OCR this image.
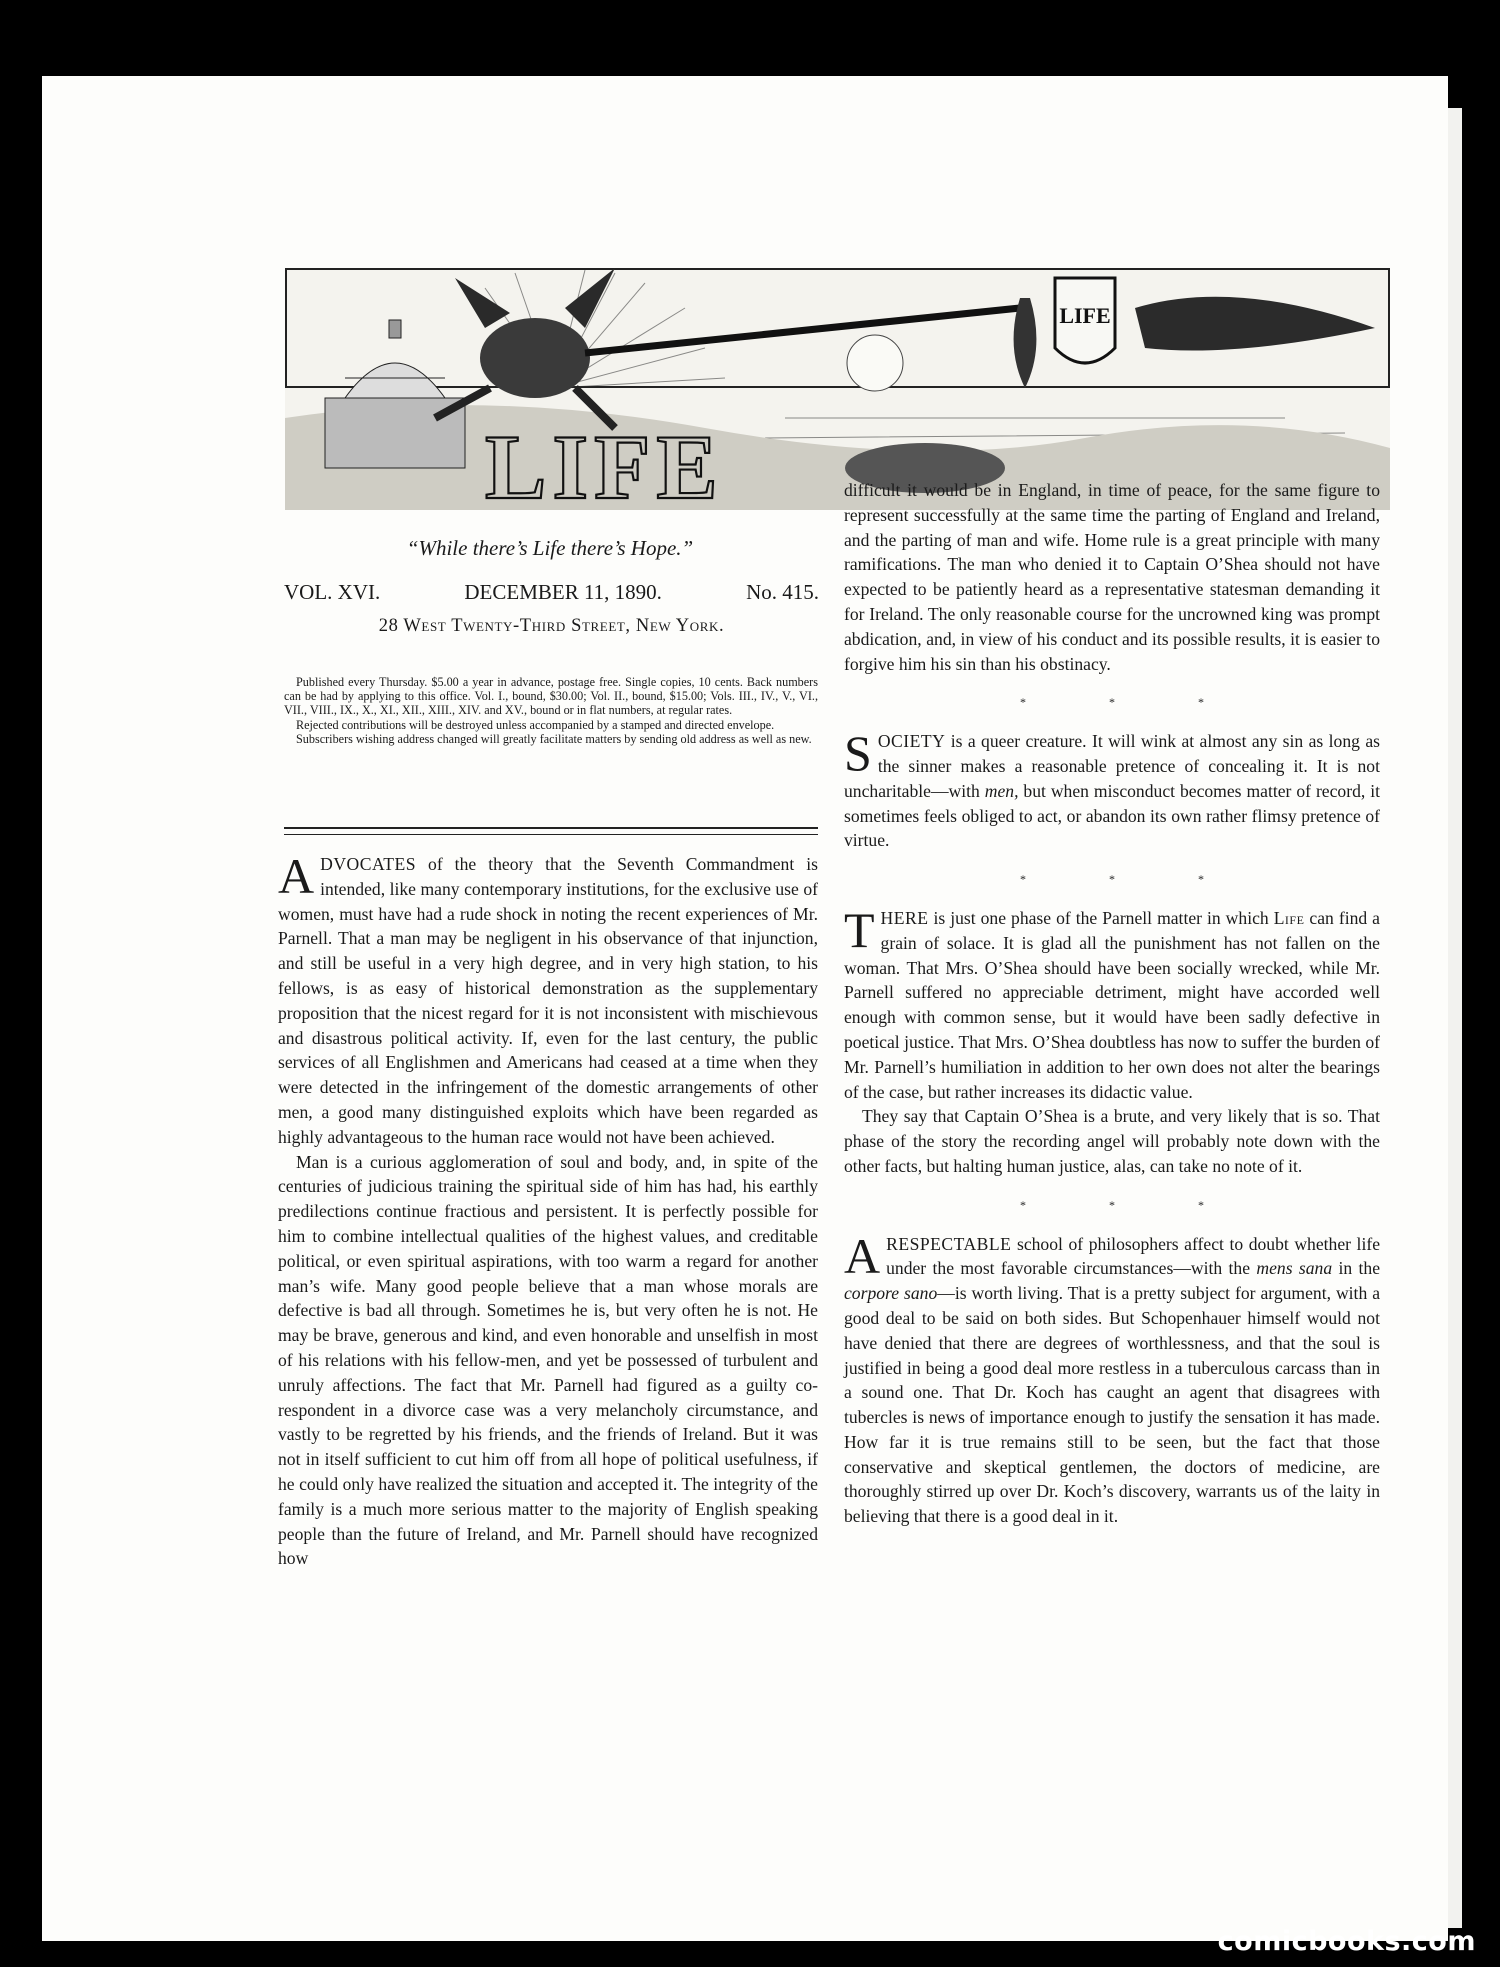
LIFE
LIFE
“While there’s Life there’s Hope.”
VOL. XVI.	DECEMBER 11, 1890.	No. 415.
28 West Twenty-Third Street, New York.

Published every Thursday. $5.00 a year in advance, postage free. Single copies, 10 cents. Back numbers can be had by applying to this office. Vol. I., bound, $30.00; Vol. II., bound, $15.00; Vols. III., IV., V., VI., VII., VIII., IX., X., XI., XII., XIII., XIV. and XV., bound or in flat numbers, at regular rates.

Rejected contributions will be destroyed unless accompanied by a stamped and directed envelope.

Subscribers wishing address changed will greatly facilitate matters by sending old address as well as new.

ADVOCATES of the theory that the Seventh Commandment is intended, like many contemporary institutions, for the exclusive use of women, must have had a rude shock in noting the recent experiences of Mr. Parnell. That a man may be negligent in his observance of that injunction, and still be useful in a very high degree, and in very high station, to his fellows, is as easy of historical demonstration as the supplementary proposition that the nicest regard for it is not inconsistent with mischievous and disastrous political activity. If, even for the last century, the public services of all Englishmen and Americans had ceased at a time when they were detected in the infringement of the domestic arrangements of other men, a good many distinguished exploits which have been regarded as highly advantageous to the human race would not have been achieved.

Man is a curious agglomeration of soul and body, and, in spite of the centuries of judicious training the spiritual side of him has had, his earthly predilections continue fractious and persistent. It is perfectly possible for him to combine intellectual qualities of the highest values, and creditable political, or even spiritual aspirations, with too warm a regard for another man’s wife. Many good people believe that a man whose morals are defective is bad all through. Sometimes he is, but very often he is not. He may be brave, generous and kind, and even honorable and unselfish in most of his relations with his fellow-men, and yet be possessed of turbulent and unruly affections. The fact that Mr. Parnell had figured as a guilty co-respondent in a divorce case was a very melancholy circumstance, and vastly to be regretted by his friends, and the friends of Ireland. But it was not in itself sufficient to cut him off from all hope of political usefulness, if he could only have realized the situation and accepted it. The integrity of the family is a much more serious matter to the majority of English speaking people than the future of Ireland, and Mr. Parnell should have recognized how

difficult it would be in England, in time of peace, for the same figure to represent successfully at the same time the parting of England and Ireland, and the parting of man and wife. Home rule is a great principle with many ramifications. The man who denied it to Captain O’Shea should not have expected to be patiently heard as a representative statesman demanding it for Ireland. The only reasonable course for the uncrowned king was prompt abdication, and, in view of his conduct and its possible results, it is easier to forgive him his sin than his obstinacy.

* * *

SOCIETY is a queer creature. It will wink at almost any sin as long as the sinner makes a reasonable pretence of concealing it. It is not uncharitable—with men, but when misconduct becomes matter of record, it sometimes feels obliged to act, or abandon its own rather flimsy pretence of virtue.

* * *

THERE is just one phase of the Parnell matter in which Life can find a grain of solace. It is glad all the punishment has not fallen on the woman. That Mrs. O’Shea should have been socially wrecked, while Mr. Parnell suffered no appreciable detriment, might have accorded well enough with common sense, but it would have been sadly defective in poetical justice. That Mrs. O’Shea doubtless has now to suffer the burden of Mr. Parnell’s humiliation in addition to her own does not alter the bearings of the case, but rather increases its didactic value.

They say that Captain O’Shea is a brute, and very likely that is so. That phase of the story the recording angel will probably note down with the other facts, but halting human justice, alas, can take no note of it.

* * *

ARESPECTABLE school of philosophers affect to doubt whether life under the most favorable circumstances—with the mens sana in the corpore sano—is worth living. That is a pretty subject for argument, with a good deal to be said on both sides. But Schopenhauer himself would not have denied that there are degrees of worthlessness, and that the soul is justified in being a good deal more restless in a tuberculous carcass than in a sound one. That Dr. Koch has caught an agent that disagrees with tubercles is news of importance enough to justify the sensation it has made. How far it is true remains still to be seen, but the fact that those conservative and skeptical gentlemen, the doctors of medicine, are thoroughly stirred up over Dr. Koch’s discovery, warrants us of the laity in believing that there is a good deal in it.

comicbooks.com
